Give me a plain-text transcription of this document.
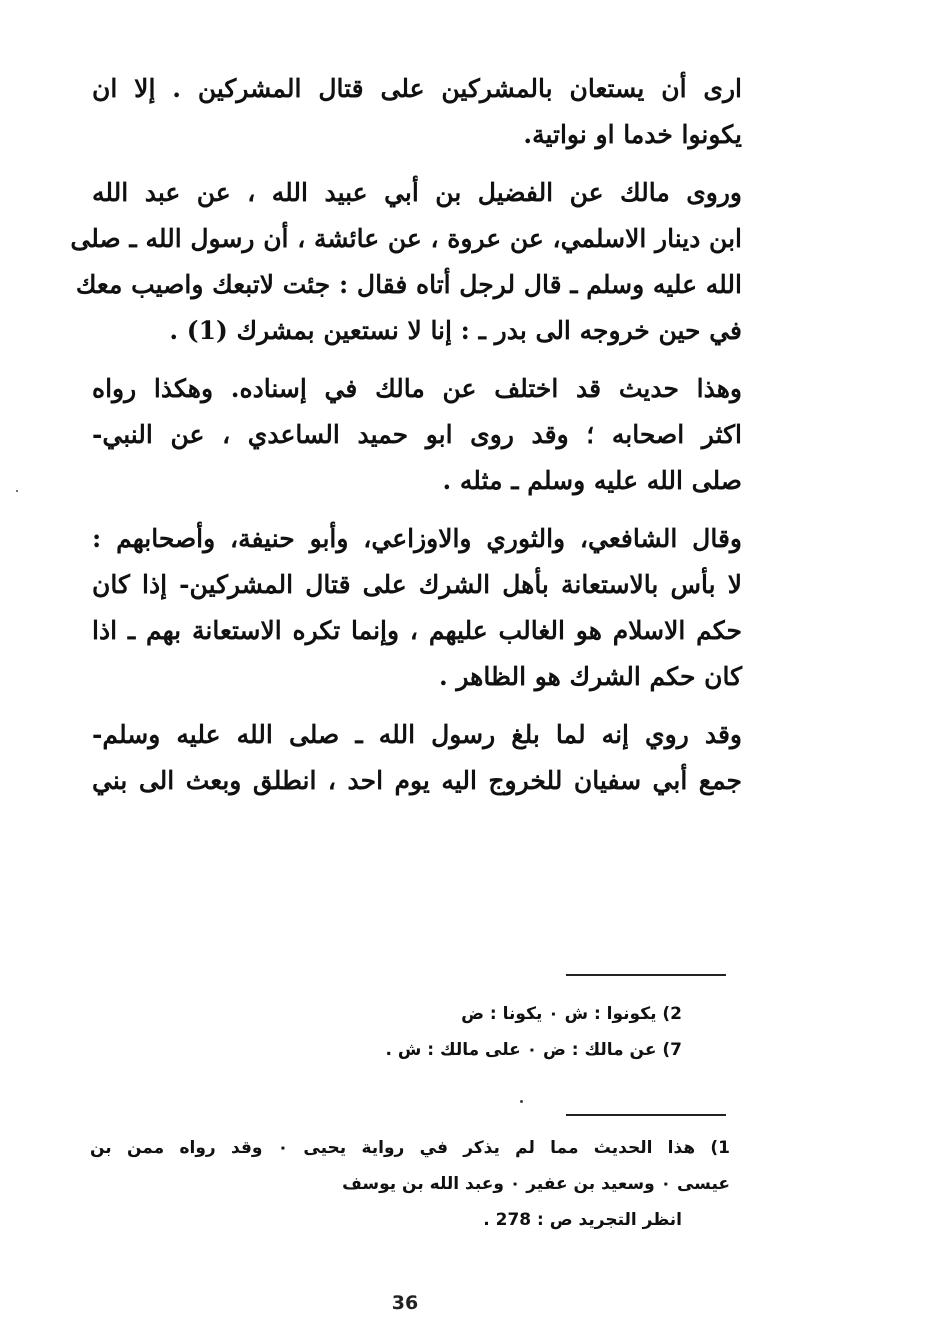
ارى أن يستعان بالمشركين على قتال المشركين . إلا ان
يكونوا خدما او نواتية.
وروى مالك عن الفضيل بن أبي عبيد الله ، عن عبد الله
ابن دينار الاسلمي، عن عروة ، عن عائشة ، أن رسول الله ـ صلى
الله عليه وسلم ـ قال لرجل أتاه فقال : جئت لاتبعك واصيب معك
في حين خروجه الى بدر ـ : إنا لا نستعين بمشرك (1) .
وهذا حديث قد اختلف عن مالك في إسناده. وهكذا رواه
اكثر اصحابه ؛ وقد روى ابو حميد الساعدي ، عن النبي-
صلى الله عليه وسلم ـ مثله .
وقال الشافعي، والثوري والاوزاعي، وأبو حنيفة، وأصحابهم :
لا بأس بالاستعانة بأهل الشرك على قتال المشركين- إذا كان
حكم الاسلام هو الغالب عليهم ، وإنما تكره الاستعانة بهم ـ اذا
كان حكم الشرك هو الظاهر .
وقد روي إنه لما بلغ رسول الله ـ صلى الله عليه وسلم-
جمع أبي سفيان للخروج اليه يوم احد ، انطلق وبعث الى بني
2) يكونوا : ش ٠ يكونا : ض
7) عن مالك : ض ٠ على مالك : ش .
1) هذا الحديث مما لم يذكر في رواية يحيى ٠ وقد رواه ممن بن
عيسى ٠ وسعيد بن عفير ٠ وعبد الله بن يوسف
انظر التجريد ص : 278 .
36
